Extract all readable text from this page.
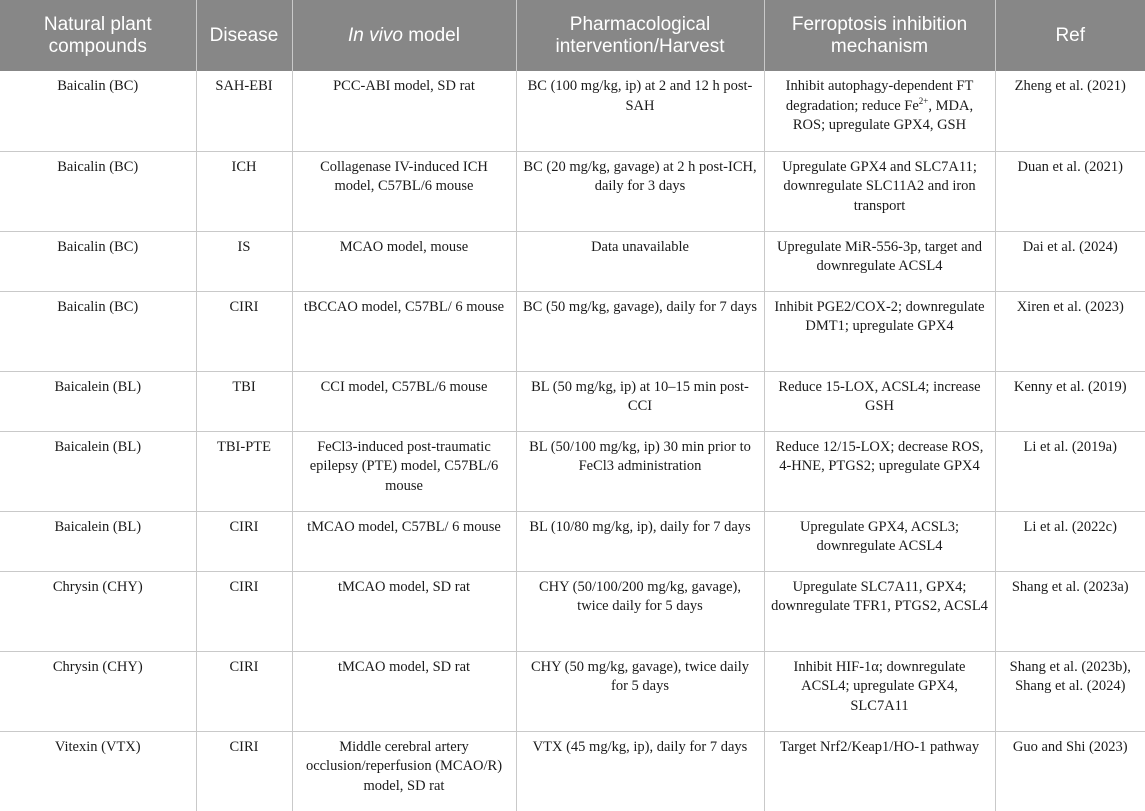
Natural plant compounds	Disease	In vivo model	Pharmacological intervention/Harvest	Ferroptosis inhibition mechanism	Ref
Baicalin (BC)	SAH-EBI	PCC-ABI model, SD rat	BC (100 mg/kg, ip) at 2 and 12 h post-SAH	Inhibit autophagy-dependent FT degradation; reduce $Fe^{2+}$, MDA, ROS; upregulate GPX4, GSH	Zheng et al. (2021)
Baicalin (BC)	ICH	Collagenase IV-induced ICH model, C57BL/6 mouse	BC (20 mg/kg, gavage) at 2 h post-ICH, daily for 3 days	Upregulate GPX4 and SLC7A11; downregulate SLC11A2 and iron transport	Duan et al. (2021)
Baicalin (BC)	IS	MCAO model, mouse	Data unavailable	Upregulate MiR-556-3p, target and downregulate ACSL4	Dai et al. (2024)
Baicalin (BC)	CIRI	tBCCAO model, C57BL/ 6 mouse	BC (50 mg/kg, gavage), daily for 7 days	Inhibit PGE2/COX-2; downregulate DMT1; upregulate GPX4	Xiren et al. (2023)
Baicalein (BL)	TBI	CCI model, C57BL/6 mouse	BL (50 mg/kg, ip) at 10–15 min post-CCI	Reduce 15-LOX, ACSL4; increase GSH	Kenny et al. (2019)
Baicalein (BL)	TBI-PTE	FeCl3-induced post-traumatic epilepsy (PTE) model, C57BL/6 mouse	BL (50/100 mg/kg, ip) 30 min prior to FeCl3 administration	Reduce 12/15-LOX; decrease ROS, 4-HNE, PTGS2; upregulate GPX4	Li et al. (2019a)
Baicalein (BL)	CIRI	tMCAO model, C57BL/ 6 mouse	BL (10/80 mg/kg, ip), daily for 7 days	Upregulate GPX4, ACSL3; downregulate ACSL4	Li et al. (2022c)
Chrysin (CHY)	CIRI	tMCAO model, SD rat	CHY (50/100/200 mg/kg, gavage), twice daily for 5 days	Upregulate SLC7A11, GPX4; downregulate TFR1, PTGS2, ACSL4	Shang et al. (2023a)
Chrysin (CHY)	CIRI	tMCAO model, SD rat	CHY (50 mg/kg, gavage), twice daily for 5 days	Inhibit HIF-1α; downregulate ACSL4; upregulate GPX4, SLC7A11	Shang et al. (2023b), Shang et al. (2024)
Vitexin (VTX)	CIRI	Middle cerebral artery occlusion/reperfusion (MCAO/R) model, SD rat	VTX (45 mg/kg, ip), daily for 7 days	Target Nrf2/Keap1/HO-1 pathway	Guo and Shi (2023)
